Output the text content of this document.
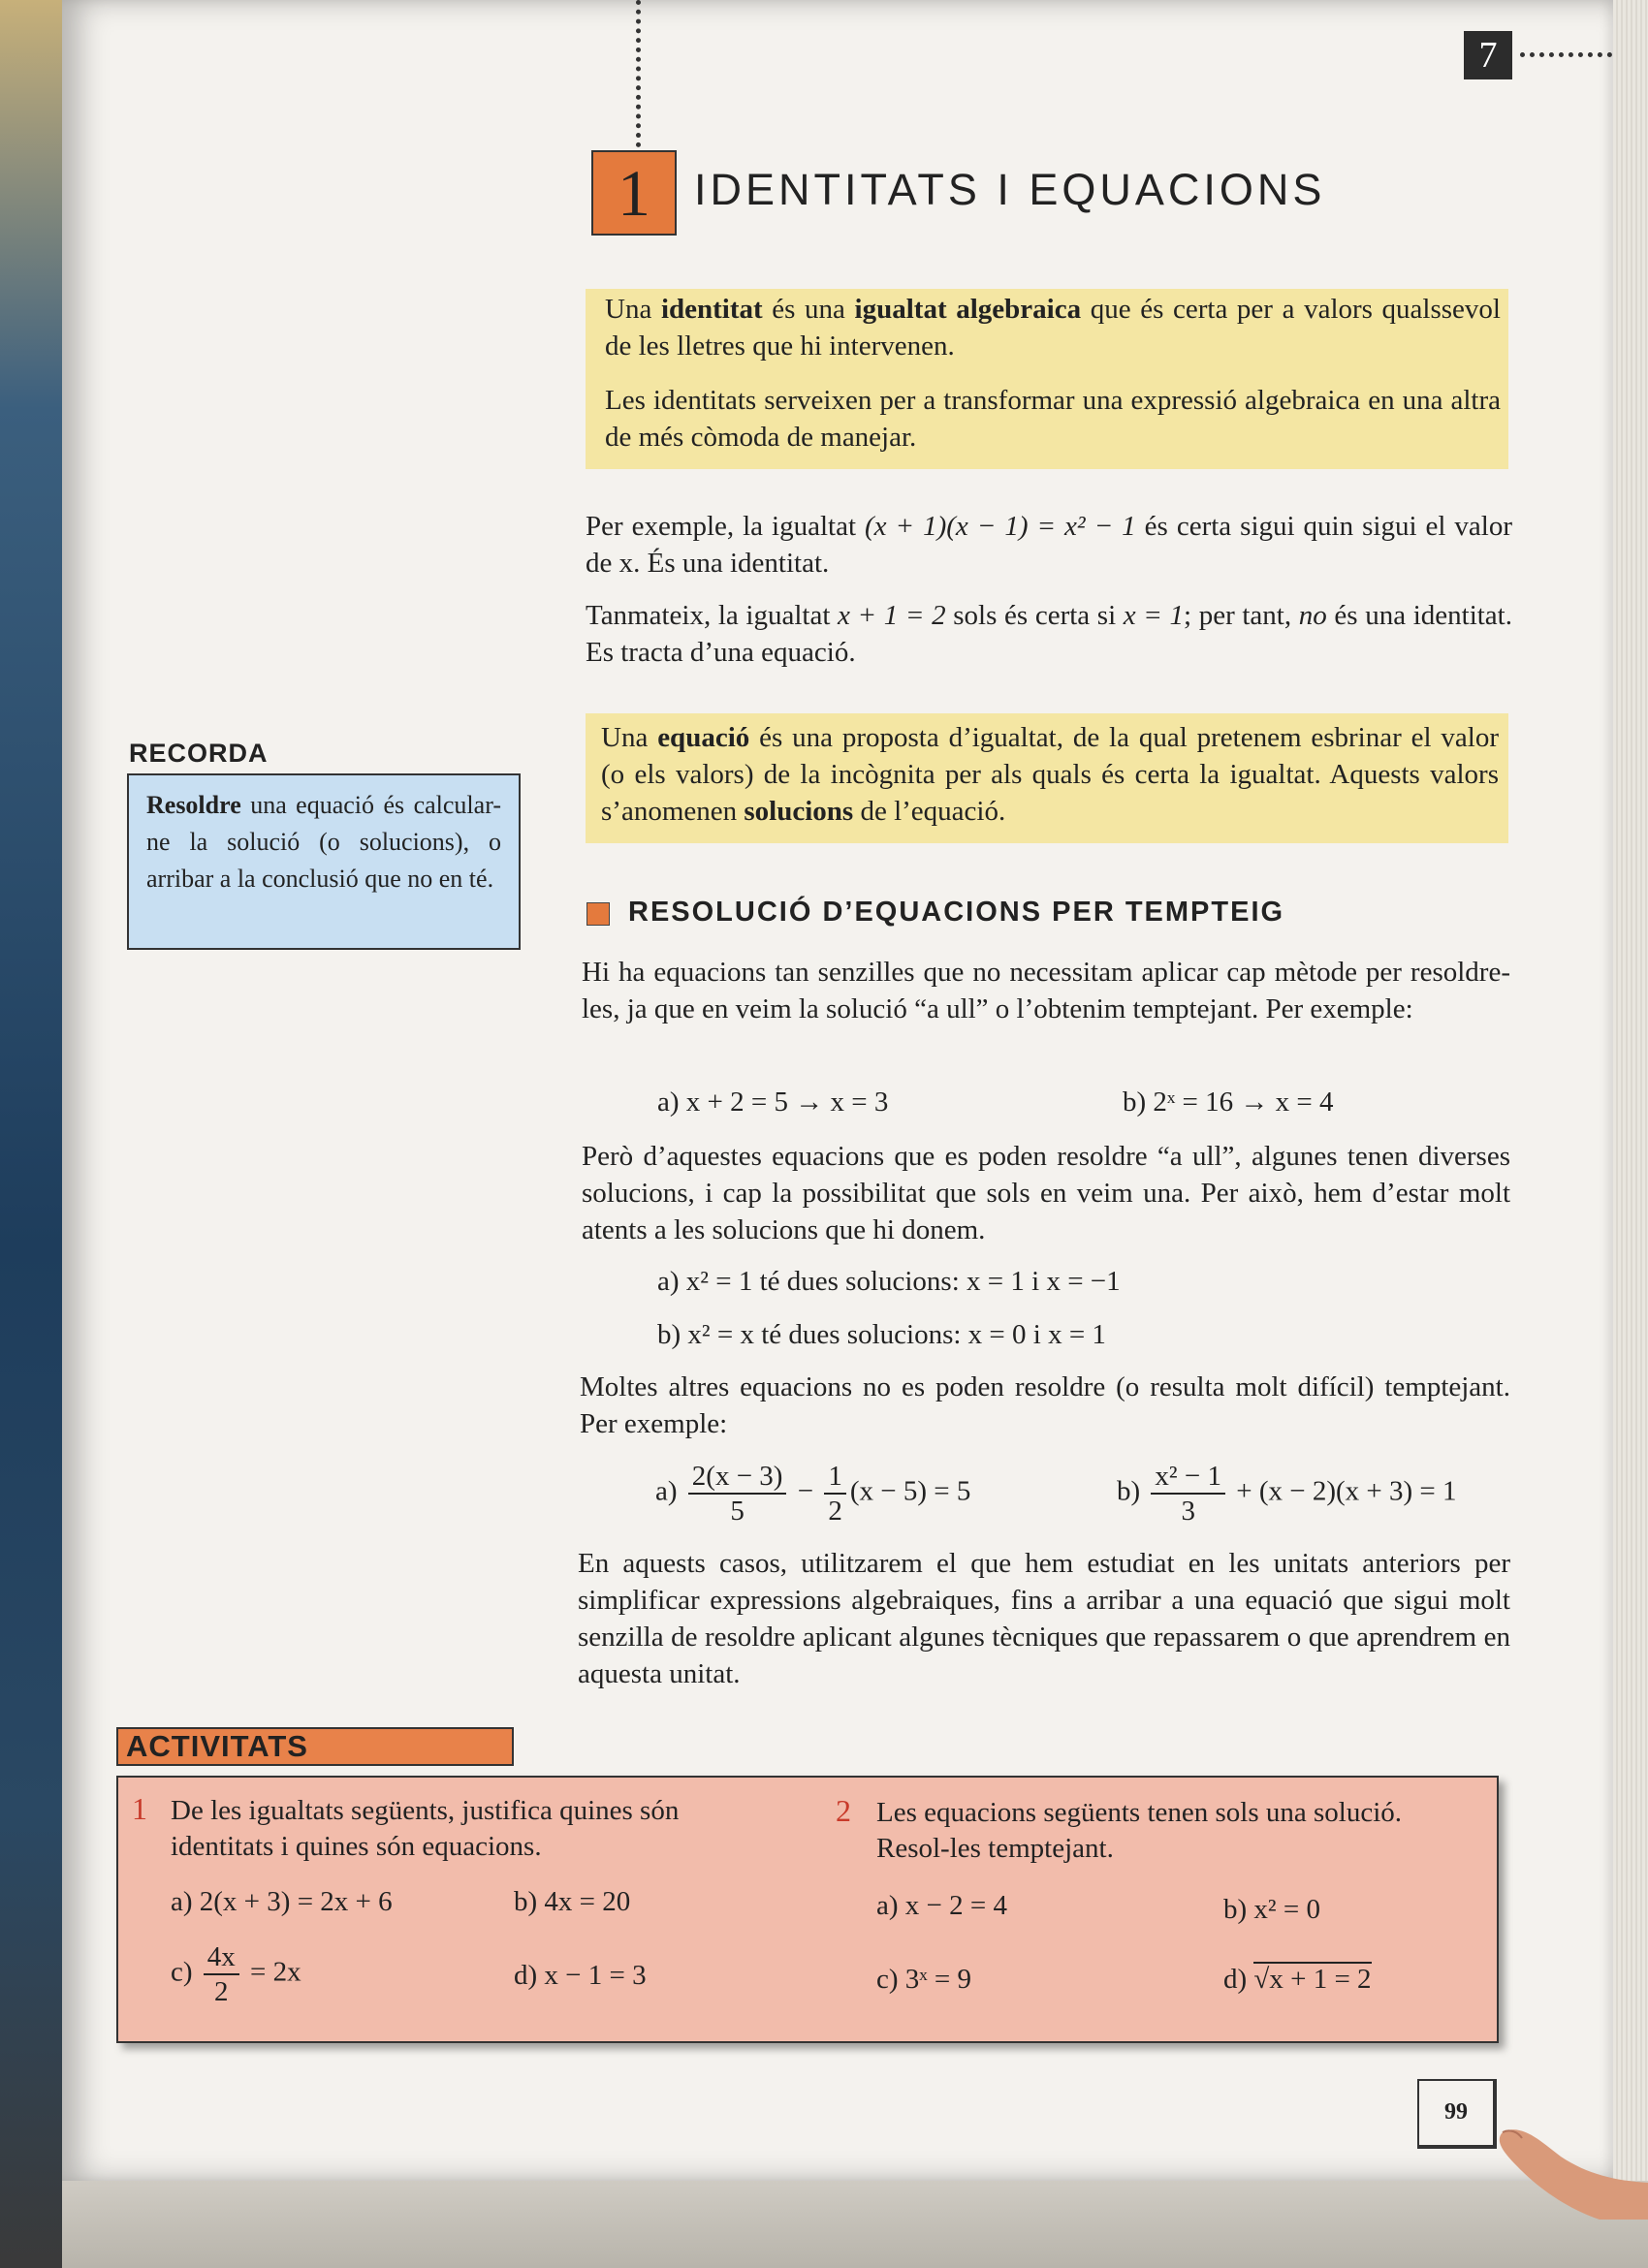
7
1	IDENTITATS I EQUACIONS
Una identitat és una igualtat algebraica que és certa per a valors qualssevol de les lletres que hi intervenen.
Les identitats serveixen per a transformar una expressió algebraica en una altra de més còmoda de manejar.
Per exemple, la igualtat (x + 1)(x − 1) = x² − 1 és certa sigui quin sigui el valor de x. És una identitat.
Tanmateix, la igualtat x + 1 = 2 sols és certa si x = 1; per tant, no és una identitat. Es tracta d’una equació.
Una equació és una proposta d’igualtat, de la qual pretenem esbrinar el valor (o els valors) de la incògnita per als quals és certa la igualtat. Aquests valors s’anomenen solucions de l’equació.
RECORDA
Resoldre una equació és calcular-ne la solució (o solucions), o arribar a la conclusió que no en té.
RESOLUCIÓ D’EQUACIONS PER TEMPTEIG
Hi ha equacions tan senzilles que no necessitam aplicar cap mètode per resoldre-les, ja que en veim la solució “a ull” o l’obtenim temptejant. Per exemple:
a) x + 2 = 5 → x = 3	b) 2ˣ = 16 → x = 4
Però d’aquestes equacions que es poden resoldre “a ull”, algunes tenen diverses solucions, i cap la possibilitat que sols en veim una. Per això, hem d’estar molt atents a les solucions que hi donem.
a) x² = 1 té dues solucions: x = 1 i x = −1
b) x² = x té dues solucions: x = 0 i x = 1
Moltes altres equacions no es poden resoldre (o resulta molt difícil) temptejant. Per exemple:
$a) \frac{2(x - 3)}{5} - \frac{1}{2} (x - 5) = 5$	$b) \frac{\text{x² − 1}}{3} + (x - 2)(x + 3) = 1$
En aquests casos, utilitzarem el que hem estudiat en les unitats anteriors per simplificar expressions algebraiques, fins a arribar a una equació que sigui molt senzilla de resoldre aplicant algunes tècniques que repassarem o que aprendrem en aquesta unitat.
ACTIVITATS
1 De les igualtats següents, justifica quines són identitats i quines són equacions.
a) 2(x + 3) = 2x + 6	b) 4x = 20
$c) \frac{4x}{2} = 2x$	d) x − 1 = 3
2 Les equacions següents tenen sols una solució. Resol-les temptejant.
a) x − 2 = 4	b) x² = 0
c) 3ˣ = 9	d) √x + 1 = 2
99
